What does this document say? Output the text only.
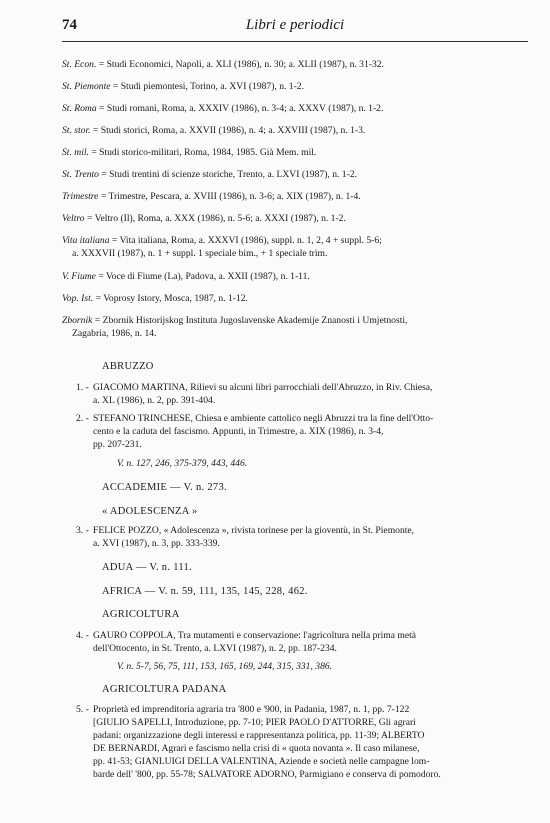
74	Libri e periodici
St. Econ. = Studi Economici, Napoli, a. XLI (1986), n. 30; a. XLII (1987), n. 31-32.
St. Piemonte = Studi piemontesi, Torino, a. XVI (1987), n. 1-2.
St. Roma = Studi romani, Roma, a. XXXIV (1986), n. 3-4; a. XXXV (1987), n. 1-2.
St. stor. = Studi storici, Roma, a. XXVII (1986), n. 4; a. XXVIII (1987), n. 1-3.
St. mil. = Studi storico-militari, Roma, 1984, 1985. Già Mem. mil.
St. Trento = Studi trentini di scienze storiche, Trento, a. LXVI (1987), n. 1-2.
Trimestre = Trimestre, Pescara, a. XVIII (1986), n. 3-6; a. XIX (1987), n. 1-4.
Veltro = Veltro (Il), Roma, a. XXX (1986), n. 5-6; a. XXXI (1987), n. 1-2.
Vita italiana = Vita italiana, Roma, a. XXXVI (1986), suppl. n. 1, 2, 4 + suppl. 5-6;
a. XXXVII (1987), n. 1 + suppl. 1 speciale bim., + 1 speciale trim.
V. Fiume = Voce di Fiume (La), Padova, a. XXII (1987), n. 1-11.
Vop. Ist. = Voprosy Istory, Mosca, 1987, n. 1-12.
Zbornik = Zbornik Historijskog Instituta Jugoslavenske Akademije Znanosti i Umjetnosti,
Zagabria, 1986, n. 14.
ABRUZZO
1. - GIACOMO MARTINA, Rilievi su alcuni libri parrocchiali dell'Abruzzo, in Riv. Chiesa,
a. XL (1986), n. 2, pp. 391-404.
2. - STEFANO TRINCHESE, Chiesa e ambiente cattolico negli Abruzzi tra la fine dell'Otto-
cento e la caduta del fascismo. Appunti, in Trimestre, a. XIX (1986), n. 3-4,
pp. 207-231.
V. n. 127, 246, 375-379, 443, 446.
ACCADEMIE — V. n. 273.
« ADOLESCENZA »
3. - FELICE POZZO, « Adolescenza », rivista torinese per la gioventù, in St. Piemonte,
a. XVI (1987), n. 3, pp. 333-339.
ADUA — V. n. 111.
AFRICA — V. n. 59, 111, 135, 145, 228, 462.
AGRICOLTURA
4. - GAURO COPPOLA, Tra mutamenti e conservazione: l'agricoltura nella prima metà
dell'Ottocento, in St. Trento, a. LXVI (1987), n. 2, pp. 187-234.
V. n. 5-7, 56, 75, 111, 153, 165, 169, 244, 315, 331, 386.
AGRICOLTURA PADANA
5. - Proprietà ed imprenditoria agraria tra '800 e '900, in Padania, 1987, n. 1, pp. 7-122
[GIULIO SAPELLI, Introduzione, pp. 7-10; PIER PAOLO D'ATTORRE, Gli agrari
padani: organizzazione degli interessi e rappresentanza politica, pp. 11-39; ALBERTO
DE BERNARDI, Agrari e fascismo nella crisi di « quota novanta ». Il caso milanese,
pp. 41-53; GIANLUIGI DELLA VALENTINA, Aziende e società nelle campagne lom-
barde dell' '800, pp. 55-78; SALVATORE ADORNO, Parmigiano e conserva di pomodoro.
